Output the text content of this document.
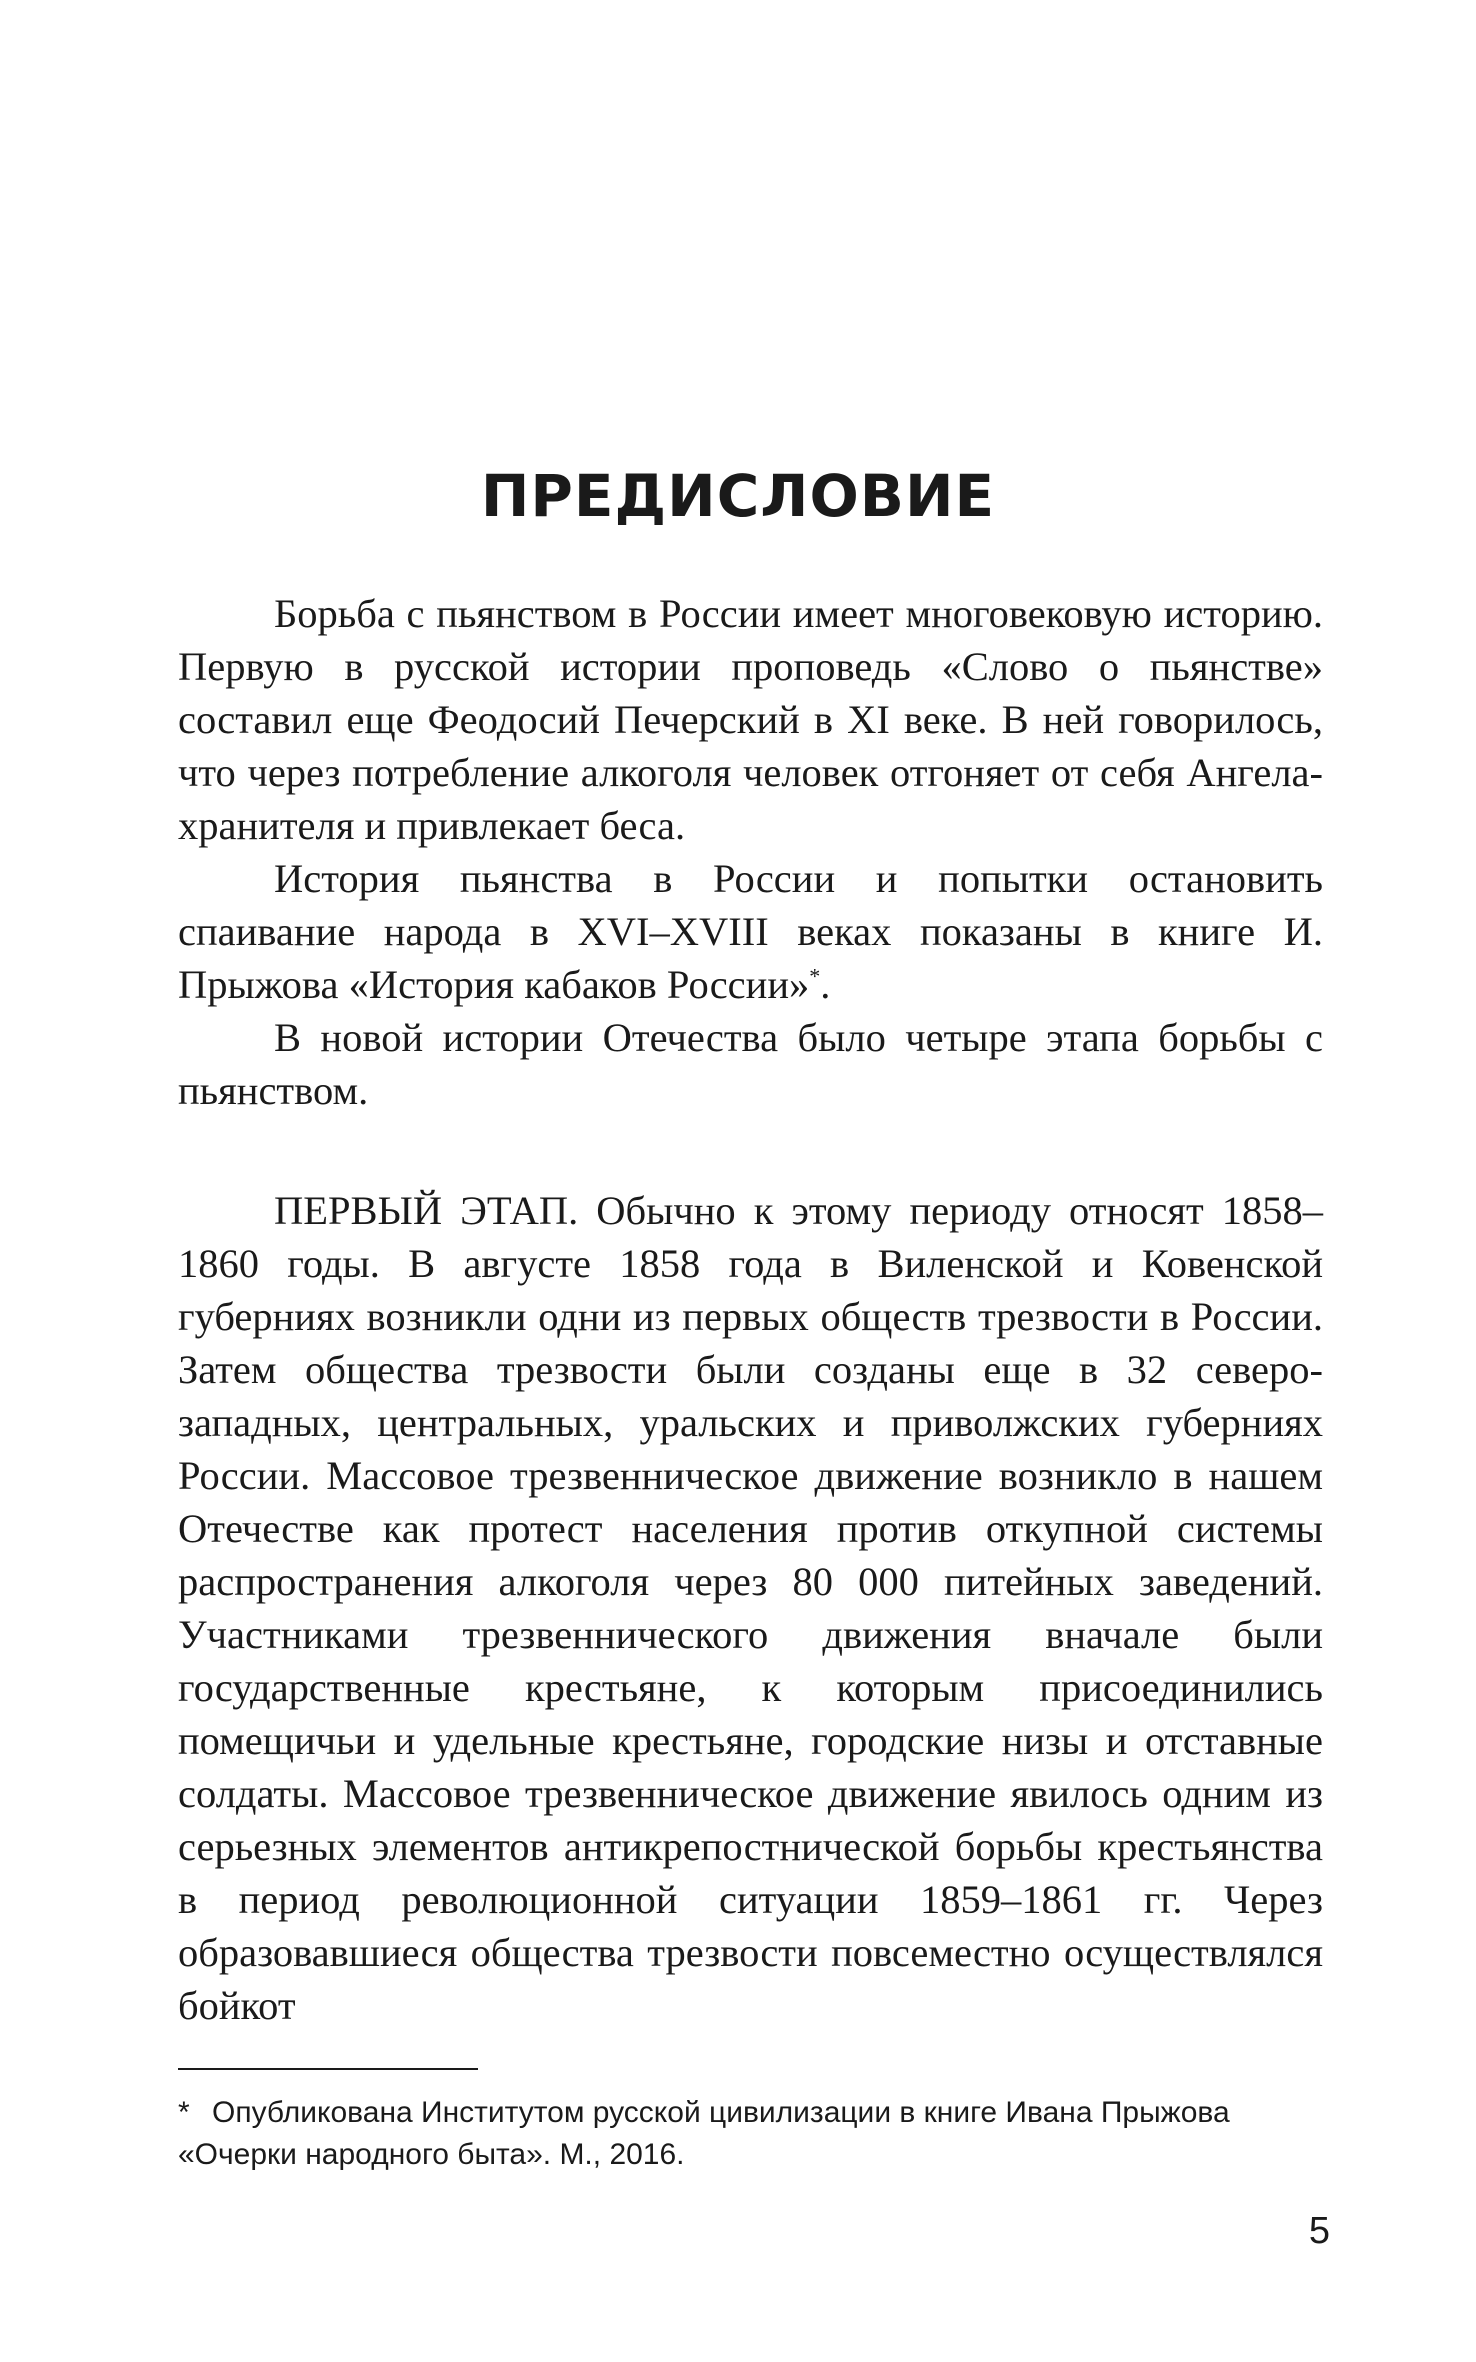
ПРЕДИСЛОВИЕ

Борьба с пьянством в России имеет многовековую историю. Первую в русской истории проповедь «Слово о пьянстве» составил еще Феодосий Печерский в XI веке. В ней говорилось, что через потребление алкоголя человек отгоняет от себя Ангела-хранителя и привлекает беса.

История пьянства в России и попытки остановить спаивание народа в XVI–XVIII веках показаны в книге И. Прыжова «История кабаков России»*.

В новой истории Отечества было четыре этапа борьбы с пьянством.

ПЕРВЫЙ ЭТАП. Обычно к этому периоду относят 1858–1860 годы. В августе 1858 года в Виленской и Ковенской губерниях возникли одни из первых обществ трезвости в России. Затем общества трезвости были созданы еще в 32 северо-западных, центральных, уральских и приволжских губерниях России. Массовое трезвенническое движение возникло в нашем Отечестве как протест населения против откупной системы распространения алкоголя через 80 000 питейных заведений. Участниками трезвеннического движения вначале были государственные крестьяне, к которым присоединились помещичьи и удельные крестьяне, городские низы и отставные солдаты. Массовое трезвенническое движение явилось одним из серьезных элементов антикрепостнической борьбы крестьянства в период революционной ситуации 1859–1861 гг. Через образовавшиеся общества трезвости повсеместно осуществлялся бойкот

* Опубликована Институтом русской цивилизации в книге Ивана Прыжова
«Очерки народного быта». М., 2016.
5
